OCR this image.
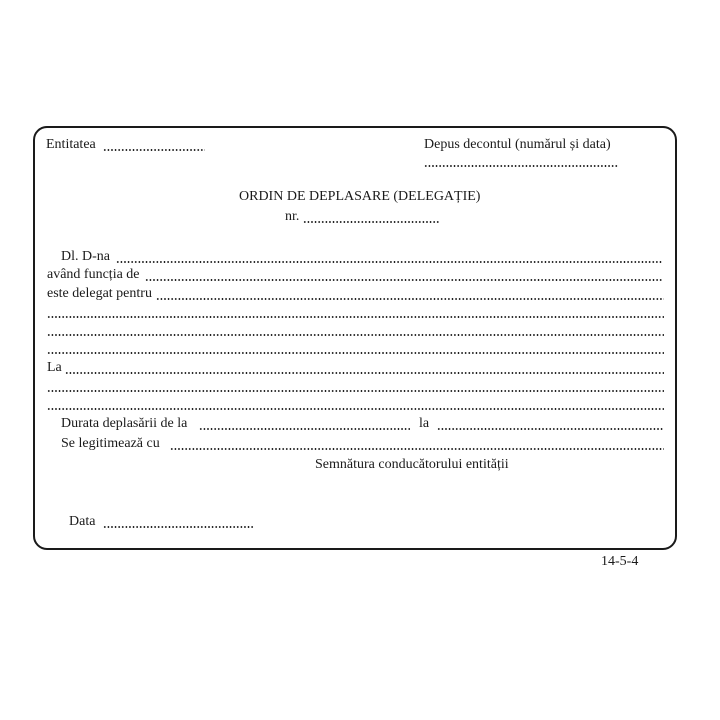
Entitatea	Depus decontul (numărul și data)
ORDIN DE DEPLASARE (DELEGAȚIE)
nr.
Dl. D-na
având funcția de
este delegat pentru
La
Durata deplasării de la	la
Se legitimează cu
Semnătura conducătorului entității
Data
14-5-4
